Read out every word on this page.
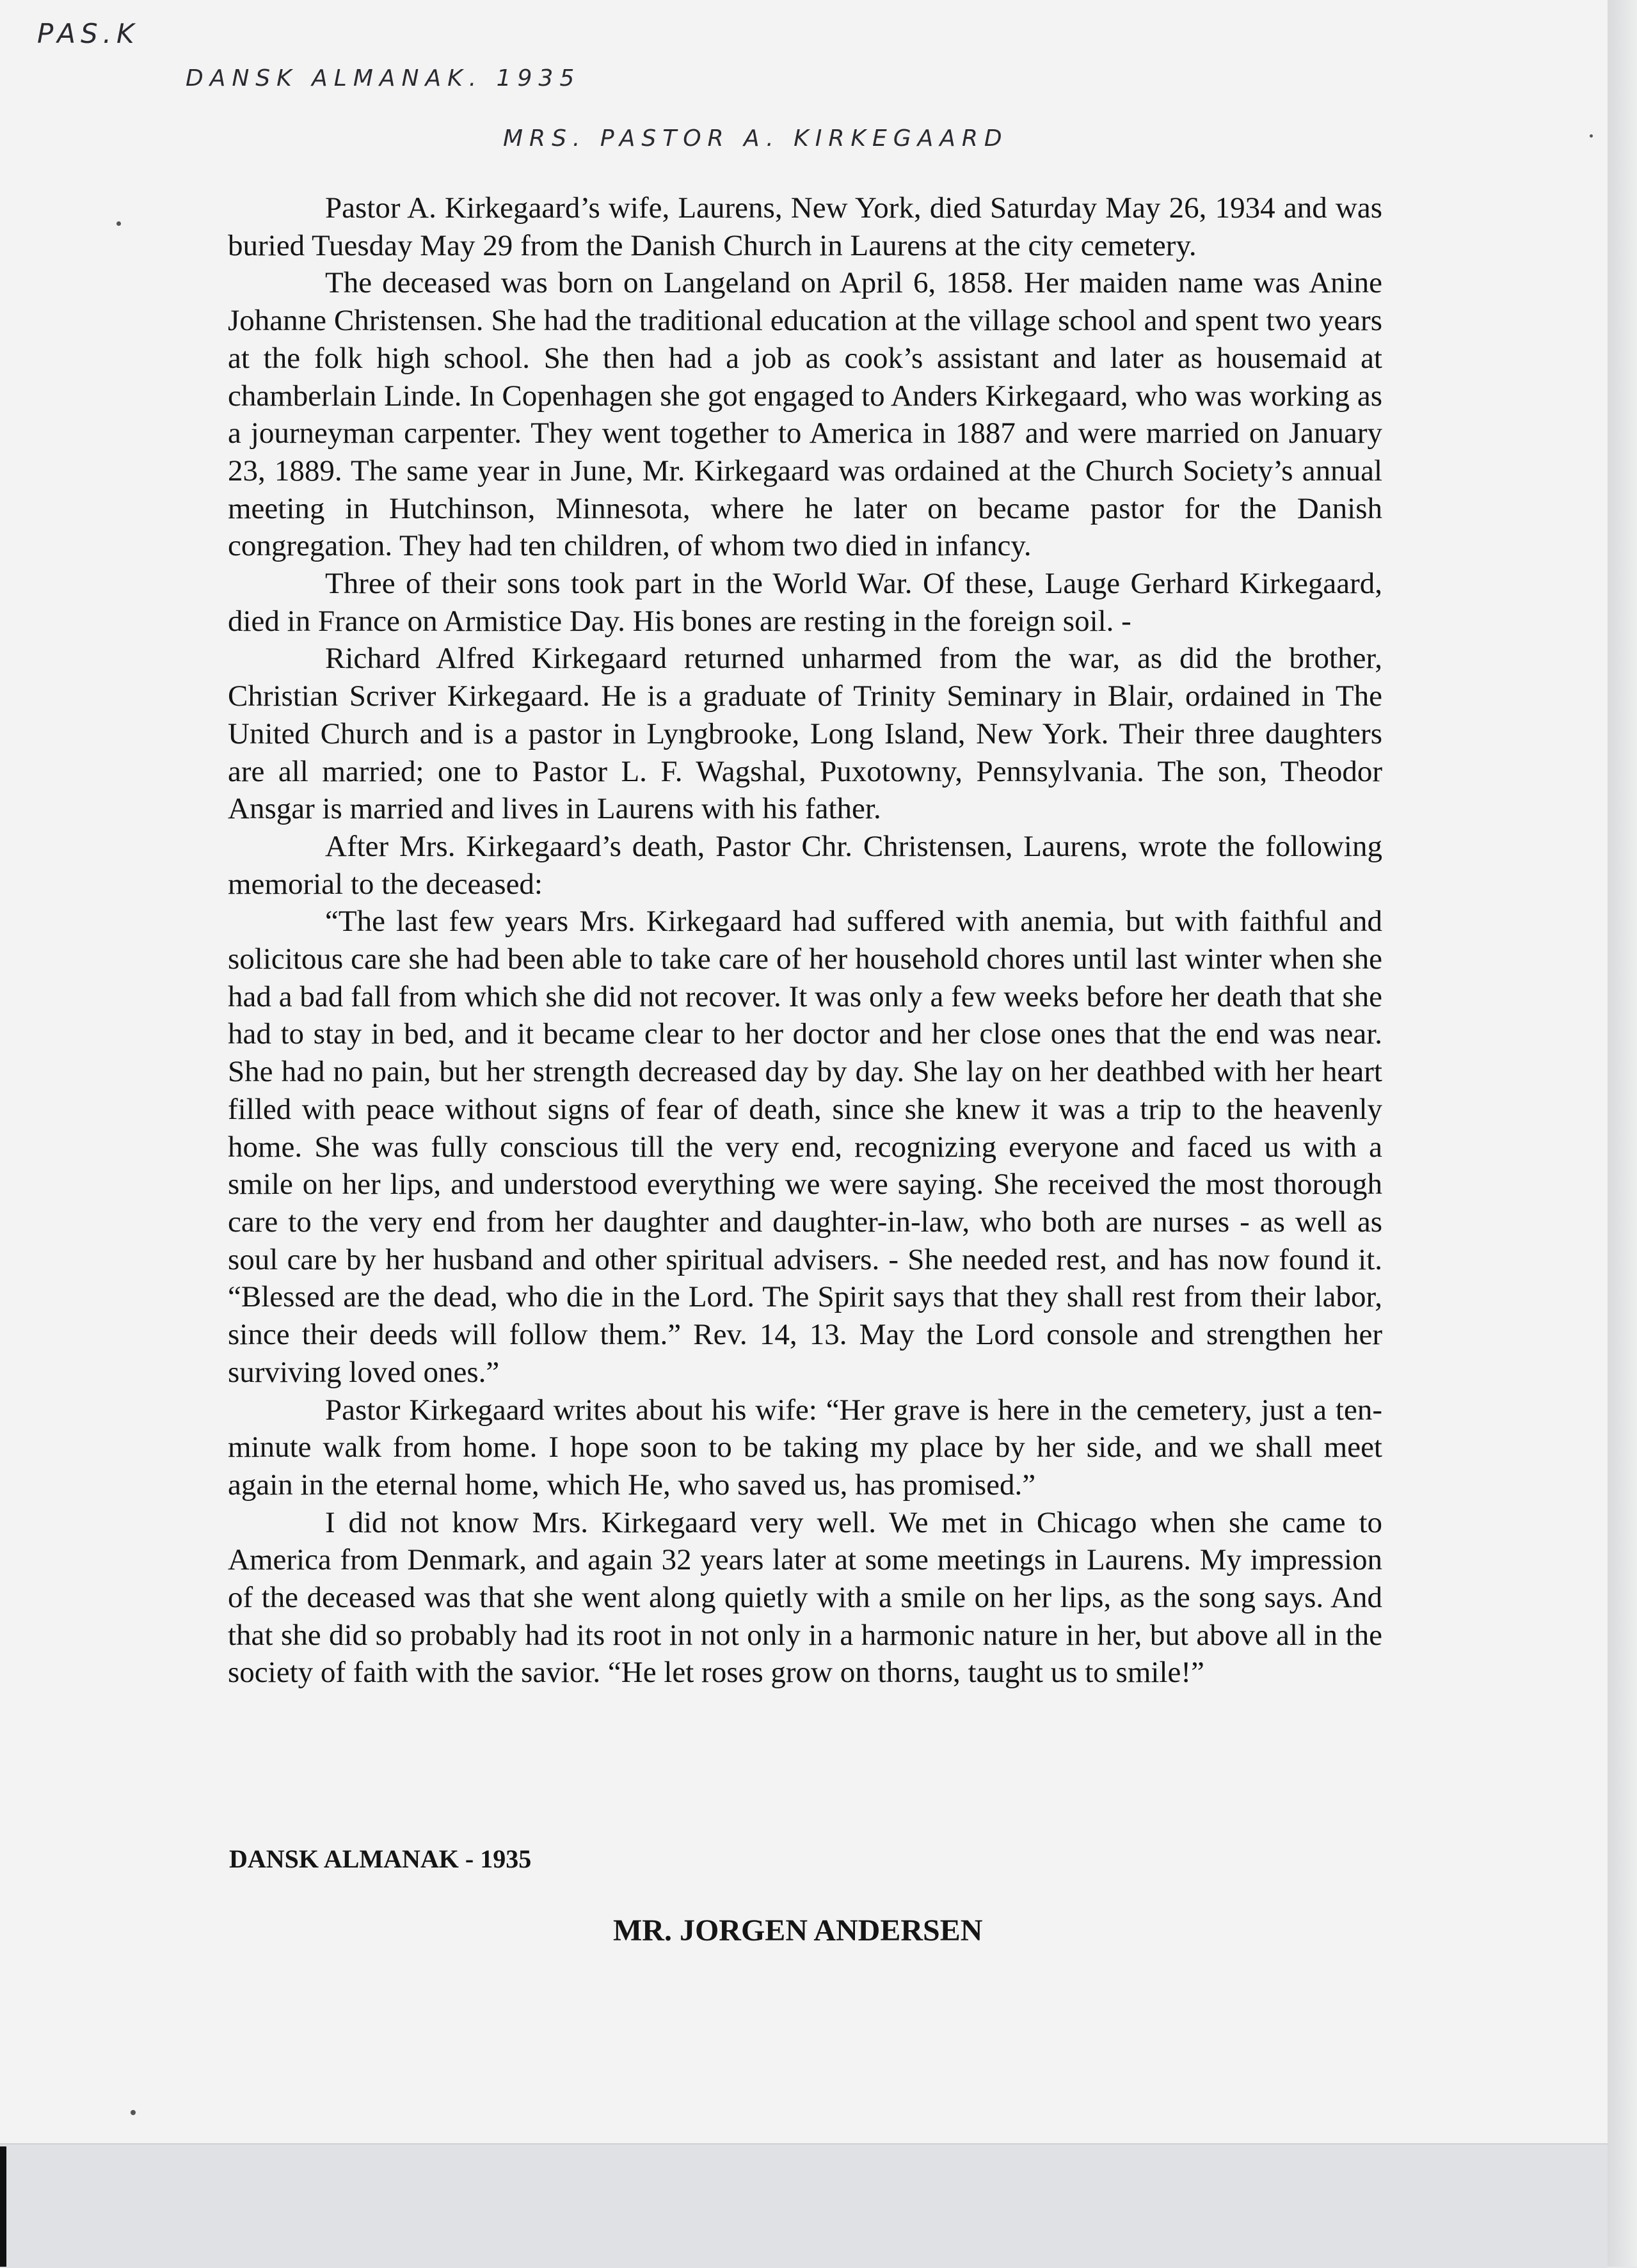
PAS.K
DANSK ALMANAK. 1935
MRS. PASTOR A. KIRKEGAARD

Pastor A. Kirkegaard’s wife, Laurens, New York, died Saturday May 26, 1934 and was buried Tuesday May 29 from the Danish Church in Laurens at the city cemetery.

The deceased was born on Langeland on April 6, 1858. Her maiden name was Anine Johanne Christensen. She had the traditional education at the village school and spent two years at the folk high school. She then had a job as cook’s assistant and later as housemaid at chamberlain Linde. In Copenhagen she got engaged to Anders Kirkegaard, who was working as a journeyman carpenter. They went together to America in 1887 and were married on January 23, 1889. The same year in June, Mr. Kirkegaard was ordained at the Church Society’s annual meeting in Hutchinson, Minnesota, where he later on became pastor for the Danish congregation. They had ten children, of whom two died in infancy.

Three of their sons took part in the World War. Of these, Lauge Gerhard Kirkegaard, died in France on Armistice Day. His bones are resting in the foreign soil. -

Richard Alfred Kirkegaard returned unharmed from the war, as did the brother, Christian Scriver Kirkegaard. He is a graduate of Trinity Seminary in Blair, ordained in The United Church and is a pastor in Lyngbrooke, Long Island, New York. Their three daughters are all married; one to Pastor L. F. Wagshal, Puxotowny, Pennsylvania. The son, Theodor Ansgar is married and lives in Laurens with his father.

After Mrs. Kirkegaard’s death, Pastor Chr. Christensen, Laurens, wrote the following memorial to the deceased:

“The last few years Mrs. Kirkegaard had suffered with anemia, but with faithful and solicitous care she had been able to take care of her household chores until last winter when she had a bad fall from which she did not recover. It was only a few weeks before her death that she had to stay in bed, and it became clear to her doctor and her close ones that the end was near. She had no pain, but her strength decreased day by day. She lay on her deathbed with her heart filled with peace without signs of fear of death, since she knew it was a trip to the heavenly home. She was fully conscious till the very end, recognizing everyone and faced us with a smile on her lips, and understood everything we were saying. She received the most thorough care to the very end from her daughter and daughter-in-law, who both are nurses - as well as soul care by her husband and other spiritual advisers. - She needed rest, and has now found it. “Blessed are the dead, who die in the Lord. The Spirit says that they shall rest from their labor, since their deeds will follow them.” Rev. 14, 13. May the Lord console and strengthen her surviving loved ones.”

Pastor Kirkegaard writes about his wife: “Her grave is here in the cemetery, just a ten-minute walk from home. I hope soon to be taking my place by her side, and we shall meet again in the eternal home, which He, who saved us, has promised.”

I did not know Mrs. Kirkegaard very well. We met in Chicago when she came to America from Denmark, and again 32 years later at some meetings in Laurens. My impression of the deceased was that she went along quietly with a smile on her lips, as the song says. And that she did so probably had its root in not only in a harmonic nature in her, but above all in the society of faith with the savior. “He let roses grow on thorns, taught us to smile!”

DANSK ALMANAK - 1935
MR. JORGEN ANDERSEN
